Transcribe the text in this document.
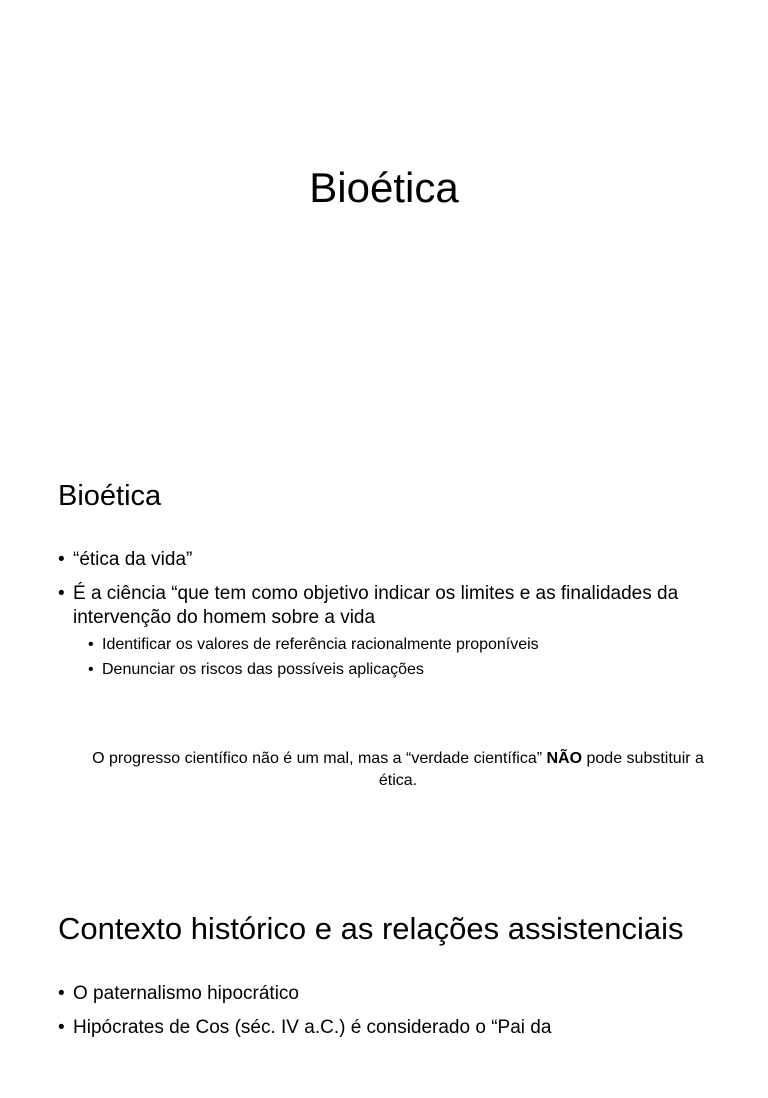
Bioética
Bioética
• “ética da vida”
• É a ciência “que tem como objetivo indicar os limites e as finalidades da intervenção do homem sobre a vida
• Identificar os valores de referência racionalmente proponíveis
• Denunciar os riscos das possíveis aplicações

O progresso científico não é um mal, mas a “verdade científica” NÃO pode substituir a ética.

Contexto histórico e as relações assistenciais
• O paternalismo hipocrático
• Hipócrates de Cos (séc. IV a.C.) é considerado o “Pai da
